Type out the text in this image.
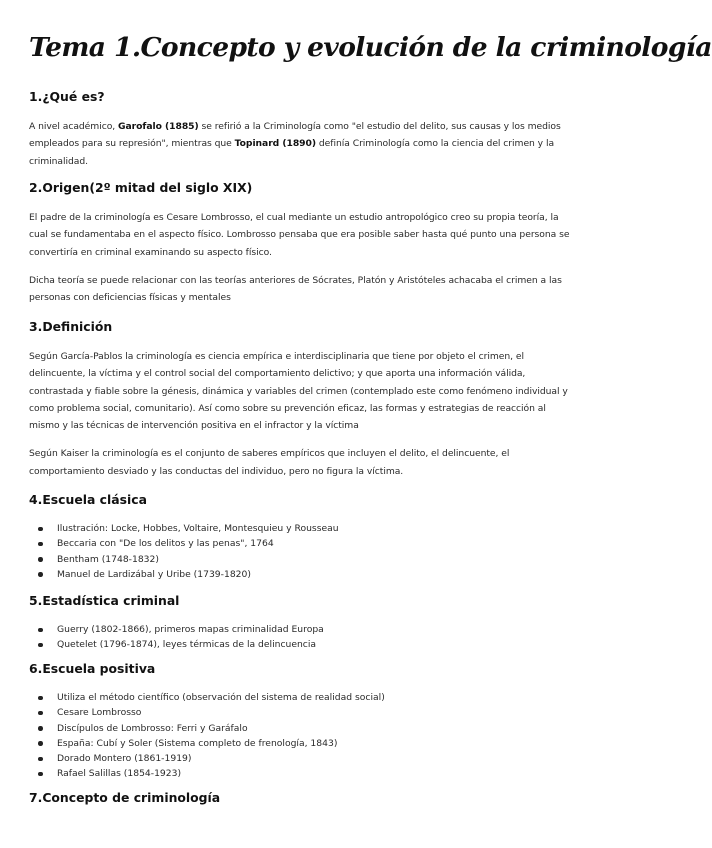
Tema 1.Concepto y evolución de la criminología
1.¿Qué es?

A nivel académico, Garofalo (1885) se refirió a la Criminología como "el estudio del delito, sus causas y los medios empleados para su represión", mientras que Topinard (1890) definía Criminología como la ciencia del crimen y la criminalidad.

2.Origen(2º mitad del siglo XIX)

El padre de la criminología es Cesare Lombrosso, el cual mediante un estudio antropológico creo su propia teoría, la cual se fundamentaba en el aspecto físico. Lombrosso pensaba que era posible saber hasta qué punto una persona se convertiría en criminal examinando su aspecto físico.

Dicha teoría se puede relacionar con las teorías anteriores de Sócrates, Platón y Aristóteles achacaba el crimen a las personas con deficiencias físicas y mentales

3.Definición

Según García-Pablos la criminología es ciencia empírica e interdisciplinaria que tiene por objeto el crimen, el delincuente, la víctima y el control social del comportamiento delictivo; y que aporta una información válida, contrastada y fiable sobre la génesis, dinámica y variables del crimen (contemplado este como fenómeno individual y como problema social, comunitario). Así como sobre su prevención eficaz, las formas y estrategias de reacción al mismo y las técnicas de intervención positiva en el infractor y la víctima

Según Kaiser la criminología es el conjunto de saberes empíricos que incluyen el delito, el delincuente, el comportamiento desviado y las conductas del individuo, pero no figura la víctima.

4.Escuela clásica
Ilustración: Locke, Hobbes, Voltaire, Montesquieu y Rousseau
Beccaria con "De los delitos y las penas", 1764
Bentham (1748-1832)
Manuel de Lardizábal y Uribe (1739-1820)
5.Estadística criminal
Guerry (1802-1866), primeros mapas criminalidad Europa
Quetelet (1796-1874), leyes térmicas de la delincuencia
6.Escuela positiva
Utiliza el método científico (observación del sistema de realidad social)
Cesare Lombrosso
Discípulos de Lombrosso: Ferri y Garáfalo
España: Cubí y Soler (Sistema completo de frenología, 1843)
Dorado Montero (1861-1919)
Rafael Salillas (1854-1923)
7.Concepto de criminología
